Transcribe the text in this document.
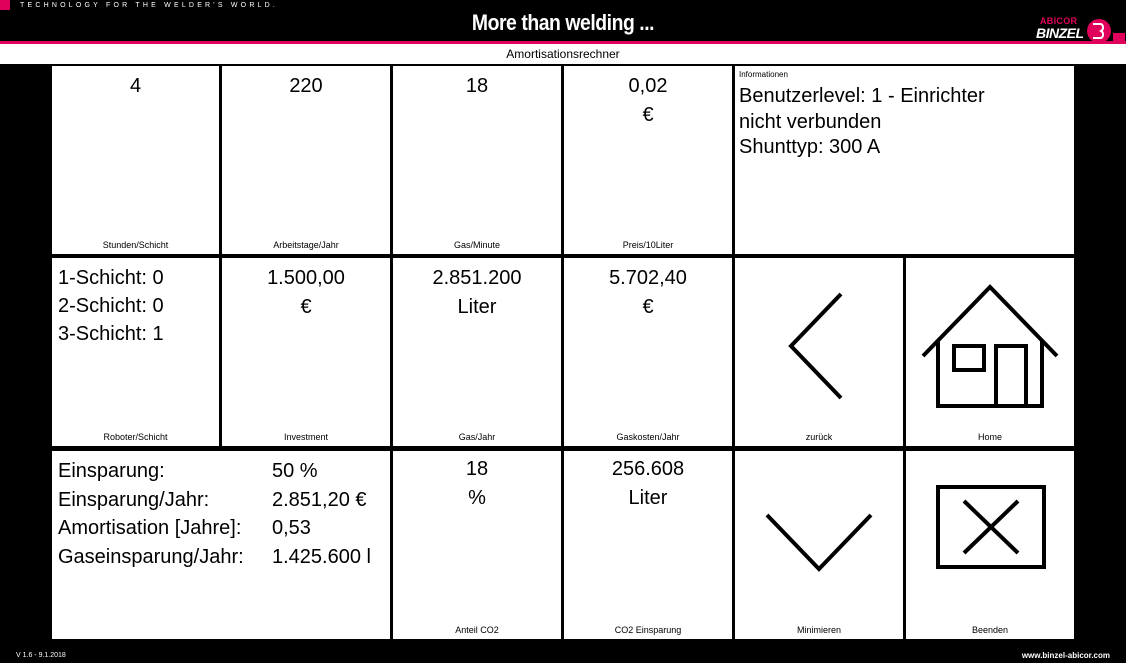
TECHNOLOGY FOR THE WELDER'S WORLD.
More than welding ...	ABICOR
BINZEL
Amortisationsrechner
4
Stunden/Schicht
220
Arbeitstage/Jahr
18
Gas/Minute
0,02
€
Preis/10Liter
Informationen
Benutzerlevel: 1 - Einrichter
nicht verbunden
Shunttyp: 300 A
1-Schicht: 0
2-Schicht: 0
3-Schicht: 1
Roboter/Schicht
1.500,00
€
Investment
2.851.200
Liter
Gas/Jahr
5.702,40
€
Gaskosten/Jahr	zurück	Home
Einsparung:	50 %
Einsparung/Jahr:	2.851,20 €
Amortisation [Jahre]:	0,53
Gaseinsparung/Jahr:	1.425.600 l
18
%
Anteil CO2
256.608
Liter
CO2 Einsparung	Minimieren	Beenden
V 1.6 - 9.1.2018	www.binzel-abicor.com
